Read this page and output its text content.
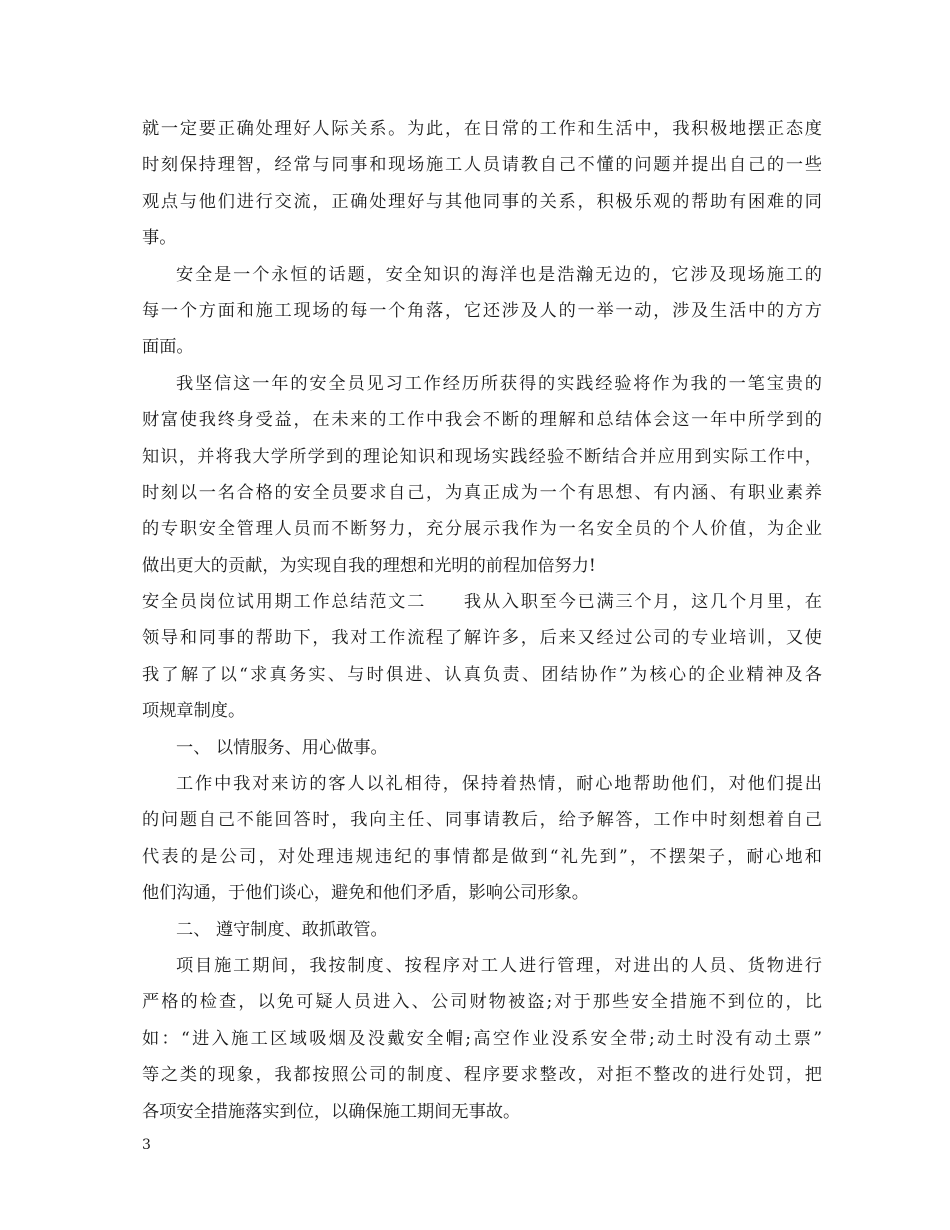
就一定要正确处理好人际关系。为此，在日常的工作和生活中，我积极地摆正态度
时刻保持理智，经常与同事和现场施工人员请教自己不懂的问题并提出自己的一些
观点与他们进行交流，正确处理好与其他同事的关系，积极乐观的帮助有困难的同
事。
安全是一个永恒的话题，安全知识的海洋也是浩瀚无边的，它涉及现场施工的
每一个方面和施工现场的每一个角落，它还涉及人的一举一动，涉及生活中的方方
面面。
我坚信这一年的安全员见习工作经历所获得的实践经验将作为我的一笔宝贵的
财富使我终身受益，在未来的工作中我会不断的理解和总结体会这一年中所学到的
知识，并将我大学所学到的理论知识和现场实践经验不断结合并应用到实际工作中，
时刻以一名合格的安全员要求自己，为真正成为一个有思想、有内涵、有职业素养
的专职安全管理人员而不断努力，充分展示我作为一名安全员的个人价值，为企业
做出更大的贡献，为实现自我的理想和光明的前程加倍努力!
安全员岗位试用期工作总结范文二　　我从入职至今已满三个月，这几个月里，在
领导和同事的帮助下，我对工作流程了解许多，后来又经过公司的专业培训，又使
我了解了以“求真务实、与时俱进、认真负责、团结协作”为核心的企业精神及各
项规章制度。
一、 以情服务、用心做事。
工作中我对来访的客人以礼相待，保持着热情，耐心地帮助他们，对他们提出
的问题自己不能回答时，我向主任、同事请教后，给予解答，工作中时刻想着自己
代表的是公司，对处理违规违纪的事情都是做到“礼先到”，不摆架子，耐心地和
他们沟通，于他们谈心，避免和他们矛盾，影响公司形象。
二、 遵守制度、敢抓敢管。
项目施工期间，我按制度、按程序对工人进行管理，对进出的人员、货物进行
严格的检查，以免可疑人员进入、公司财物被盗;对于那些安全措施不到位的，比
如：“进入施工区域吸烟及没戴安全帽;高空作业没系安全带;动土时没有动土票”
等之类的现象，我都按照公司的制度、程序要求整改，对拒不整改的进行处罚，把
各项安全措施落实到位，以确保施工期间无事故。
3
